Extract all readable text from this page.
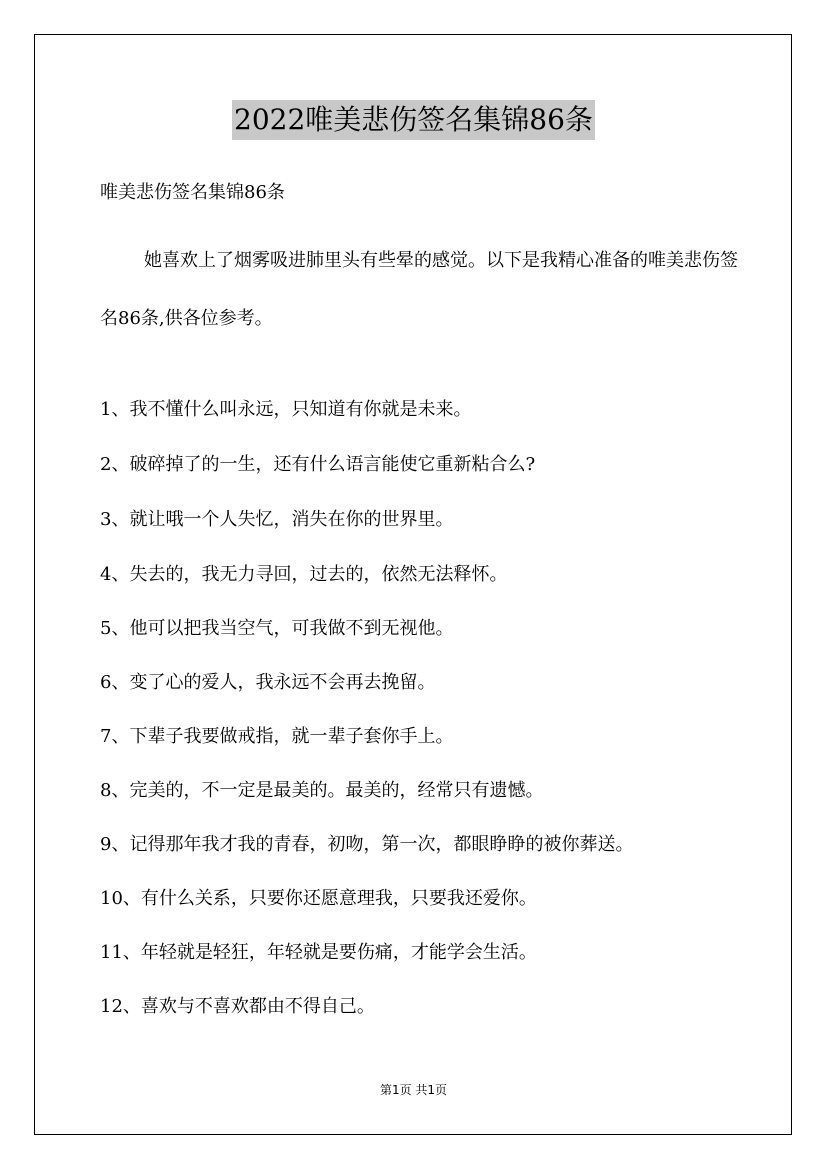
2022唯美悲伤签名集锦86条
唯美悲伤签名集锦86条

她喜欢上了烟雾吸进肺里头有些晕的感觉。以下是我精心准备的唯美悲伤签名86条,供各位参考。

1、我不懂什么叫永远，只知道有你就是未来。
2、破碎掉了的一生，还有什么语言能使它重新粘合么?
3、就让哦一个人失忆，消失在你的世界里。
4、失去的，我无力寻回，过去的，依然无法释怀。
5、他可以把我当空气，可我做不到无视他。
6、变了心的爱人，我永远不会再去挽留。
7、下辈子我要做戒指，就一辈子套你手上。
8、完美的，不一定是最美的。最美的，经常只有遗憾。
9、记得那年我才我的青春，初吻，第一次，都眼睁睁的被你葬送。
10、有什么关系，只要你还愿意理我，只要我还爱你。
11、年轻就是轻狂，年轻就是要伤痛，才能学会生活。
12、喜欢与不喜欢都由不得自己。
第1页 共1页
